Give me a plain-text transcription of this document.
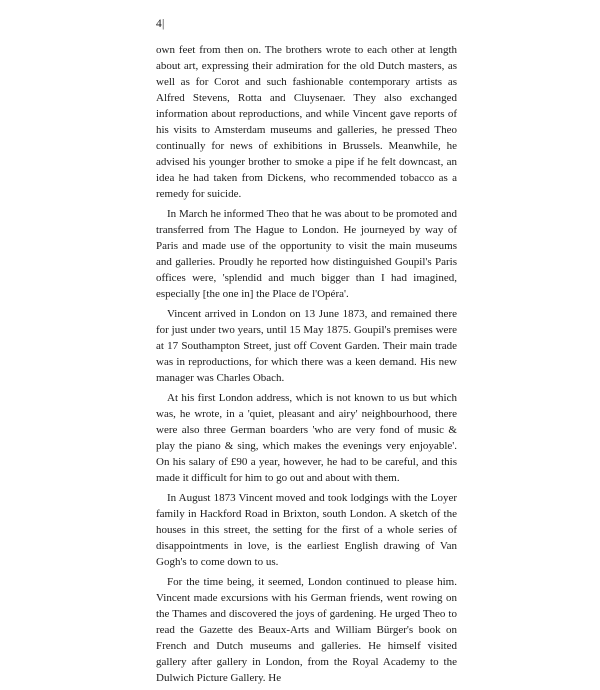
4|

own feet from then on. The brothers wrote to each other at length about art, expressing their admiration for the old Dutch masters, as well as for Corot and such fashionable contemporary artists as Alfred Stevens, Rotta and Cluysenaer. They also exchanged information about reproductions, and while Vincent gave reports of his visits to Amsterdam museums and galleries, he pressed Theo continually for news of exhibitions in Brussels. Meanwhile, he advised his younger brother to smoke a pipe if he felt downcast, an idea he had taken from Dickens, who recommended tobacco as a remedy for suicide.

In March he informed Theo that he was about to be promoted and transferred from The Hague to London. He journeyed by way of Paris and made use of the opportunity to visit the main museums and galleries. Proudly he reported how distinguished Goupil's Paris offices were, 'splendid and much bigger than I had imagined, especially [the one in] the Place de l'Opéra'.

Vincent arrived in London on 13 June 1873, and remained there for just under two years, until 15 May 1875. Goupil's premises were at 17 Southampton Street, just off Covent Garden. Their main trade was in reproductions, for which there was a keen demand. His new manager was Charles Obach.

At his first London address, which is not known to us but which was, he wrote, in a 'quiet, pleasant and airy' neighbourhood, there were also three German boarders 'who are very fond of music & play the piano & sing, which makes the evenings very enjoyable'. On his salary of £90 a year, however, he had to be careful, and this made it difficult for him to go out and about with them.

In August 1873 Vincent moved and took lodgings with the Loyer family in Hackford Road in Brixton, south London. A sketch of the houses in this street, the setting for the first of a whole series of disappointments in love, is the earliest English drawing of Van Gogh's to come down to us.

For the time being, it seemed, London continued to please him. Vincent made excursions with his German friends, went rowing on the Thames and discovered the joys of gardening. He urged Theo to read the Gazette des Beaux-Arts and William Bürger's book on French and Dutch museums and galleries. He himself visited gallery after gallery in London, from the Royal Academy to the Dulwich Picture Gallery. He
